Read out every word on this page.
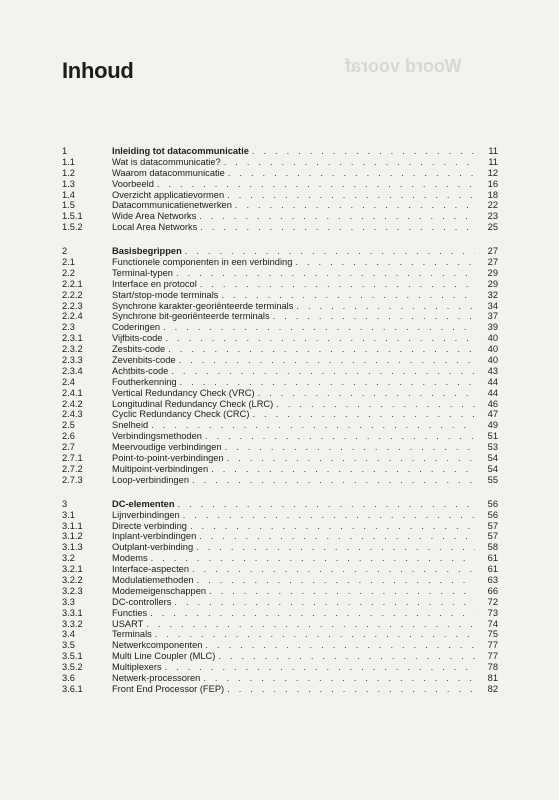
Woord vooraf
Inhoud
1	Inleiding tot datacommunicatie . . .	11
1.1	Wat is datacommunicatie? . . .	11
1.2	Waarom datacommunicatie . . .	12
1.3	Voorbeeld . . .	16
1.4	Overzicht applicatievormen . . .	18
1.5	Datacommunicatienetwerken . . .	22
1.5.1	Wide Area Networks . . .	23
1.5.2	Local Area Networks . . .	25
2	Basisbegrippen . . .	27
2.1	Functionele componenten in een verbinding . . .	27
2.2	Terminal-typen . . .	29
2.2.1	Interface en protocol . . .	29
2.2.2	Start/stop-mode terminals . . .	32
2.2.3	Synchrone karakter-georiënteerde terminals . . .	34
2.2.4	Synchrone bit-georiënteerde terminals . . .	37
2.3	Coderingen . . .	39
2.3.1	Vijfbits-code . . .	40
2.3.2	Zesbits-code . . .	40
2.3.3	Zevenbits-code . . .	40
2.3.4	Achtbits-code . . .	43
2.4	Foutherkenning . . .	44
2.4.1	Vertical Redundancy Check (VRC) . . .	44
2.4.2	Longitudinal Redundancy Check (LRC) . . .	46
2.4.3	Cyclic Redundancy Check (CRC) . . .	47
2.5	Snelheid . . .	49
2.6	Verbindingsmethoden . . .	51
2.7	Meervoudige verbindingen . . .	53
2.7.1	Point-to-point-verbindingen . . .	54
2.7.2	Multipoint-verbindingen . . .	54
2.7.3	Loop-verbindingen . . .	55
3	DC-elementen . . .	56
3.1	Lijnverbindingen . . .	56
3.1.1	Directe verbinding . . .	57
3.1.2	Inplant-verbindingen . . .	57
3.1.3	Outplant-verbinding . . .	58
3.2	Modems . . .	61
3.2.1	Interface-aspecten . . .	61
3.2.2	Modulatiemethoden . . .	63
3.2.3	Modemeigenschappen . . .	66
3.3	DC-controllers . . .	72
3.3.1	Functies . . .	73
3.3.2	USART . . .	74
3.4	Terminals . . .	75
3.5	Netwerkcomponenten . . .	77
3.5.1	Multi Line Coupler (MLC) . . .	77
3.5.2	Multiplexers . . .	78
3.6	Netwerk-processoren . . .	81
3.6.1	Front End Processor (FEP) . . .	82
